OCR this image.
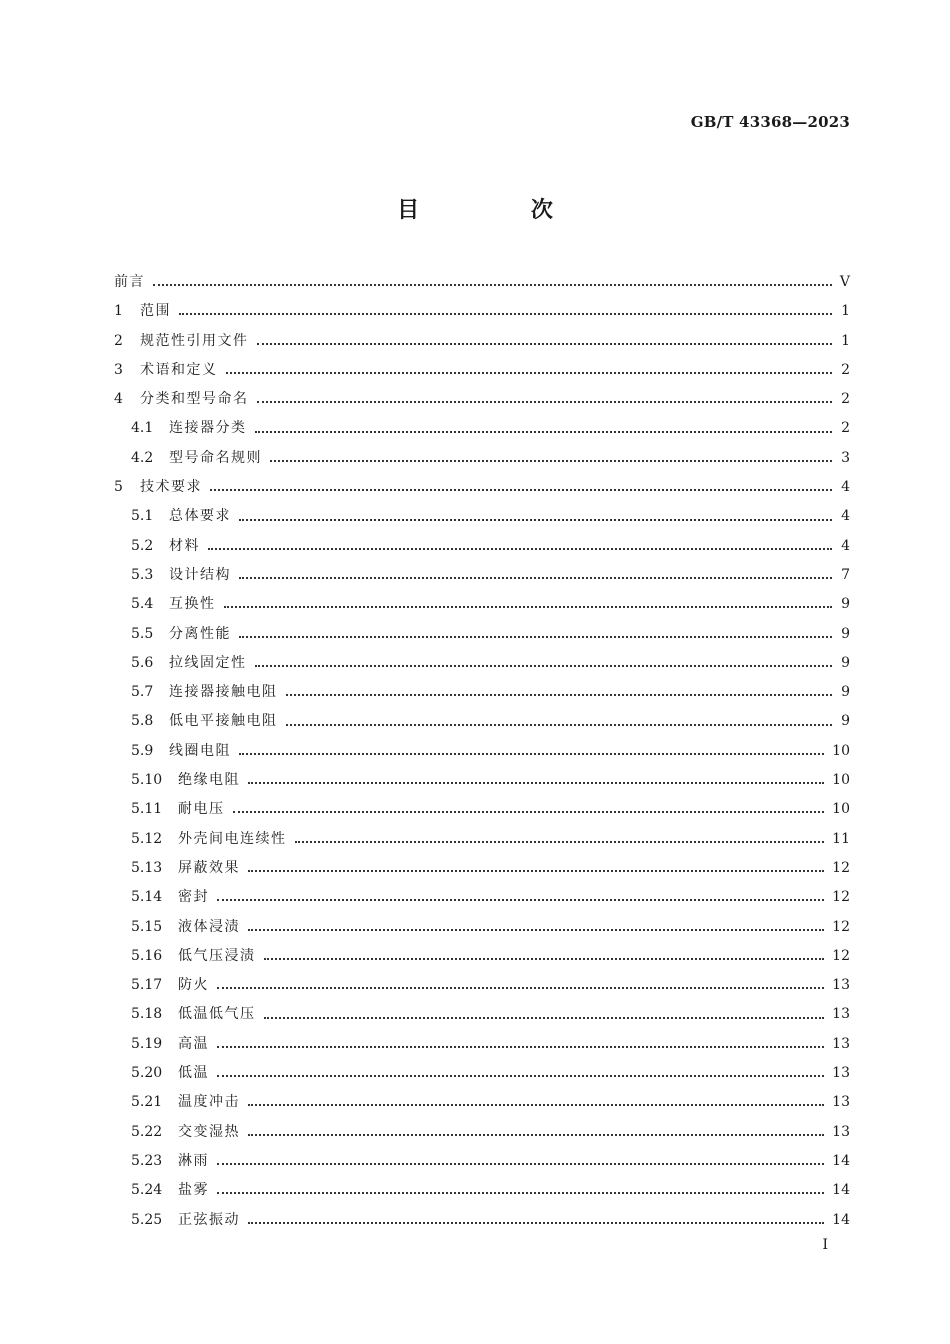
GB/T 43368—2023
目 次
前言	V
1	范围	1
2	规范性引用文件	1
3	术语和定义	2
4	分类和型号命名	2
4.1	连接器分类	2
4.2	型号命名规则	3
5	技术要求	4
5.1	总体要求	4
5.2	材料	4
5.3	设计结构	7
5.4	互换性	9
5.5	分离性能	9
5.6	拉线固定性	9
5.7	连接器接触电阻	9
5.8	低电平接触电阻	9
5.9	线圈电阻	10
5.10	绝缘电阻	10
5.11	耐电压	10
5.12	外壳间电连续性	11
5.13	屏蔽效果	12
5.14	密封	12
5.15	液体浸渍	12
5.16	低气压浸渍	12
5.17	防火	13
5.18	低温低气压	13
5.19	高温	13
5.20	低温	13
5.21	温度冲击	13
5.22	交变湿热	13
5.23	淋雨	14
5.24	盐雾	14
5.25	正弦振动	14
I
